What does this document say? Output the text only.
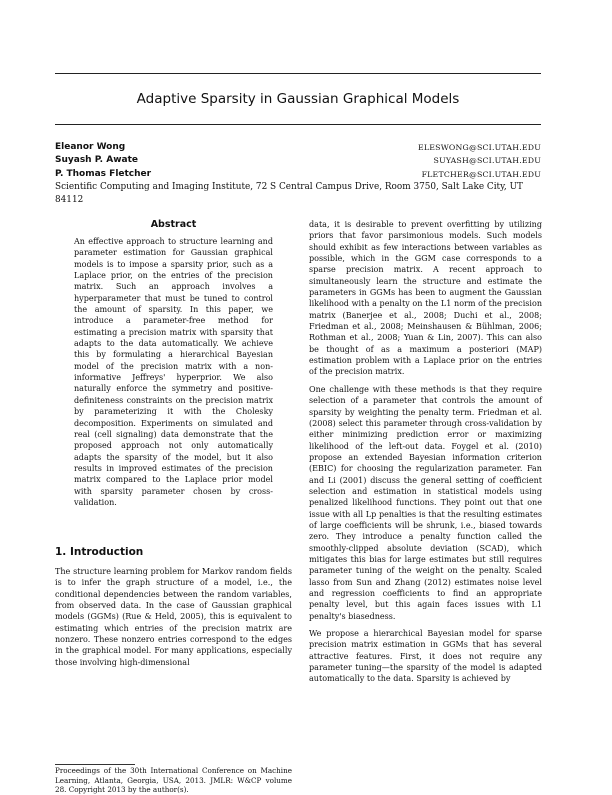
Adaptive Sparsity in Gaussian Graphical Models
Eleanor Wong	ELESWONG@SCI.UTAH.EDU
Suyash P. Awate	SUYASH@SCI.UTAH.EDU
P. Thomas Fletcher	FLETCHER@SCI.UTAH.EDU
Scientific Computing and Imaging Institute, 72 S Central Campus Drive, Room 3750, Salt Lake City, UT 84112
Abstract
An effective approach to structure learning and parameter estimation for Gaussian graphical models is to impose a sparsity prior, such as a Laplace prior, on the entries of the precision matrix. Such an approach involves a hyperparameter that must be tuned to control the amount of sparsity. In this paper, we introduce a parameter-free method for estimating a precision matrix with sparsity that adapts to the data automatically. We achieve this by formulating a hierarchical Bayesian model of the precision matrix with a non-informative Jeffreys' hyperprior. We also naturally enforce the symmetry and positive-definiteness constraints on the precision matrix by parameterizing it with the Cholesky decomposition. Experiments on simulated and real (cell signaling) data demonstrate that the proposed approach not only automatically adapts the sparsity of the model, but it also results in improved estimates of the precision matrix compared to the Laplace prior model with sparsity parameter chosen by cross-validation.
1. Introduction
The structure learning problem for Markov random fields is to infer the graph structure of a model, i.e., the conditional dependencies between the random variables, from observed data. In the case of Gaussian graphical models (GGMs) (Rue & Held, 2005), this is equivalent to estimating which entries of the precision matrix are nonzero. These nonzero entries correspond to the edges in the graphical model. For many applications, especially those involving high-dimensional
Proceedings of the 30th International Conference on Machine Learning, Atlanta, Georgia, USA, 2013. JMLR: W&CP volume 28. Copyright 2013 by the author(s).

data, it is desirable to prevent overfitting by utilizing priors that favor parsimonious models. Such models should exhibit as few interactions between variables as possible, which in the GGM case corresponds to a sparse precision matrix. A recent approach to simultaneously learn the structure and estimate the parameters in GGMs has been to augment the Gaussian likelihood with a penalty on the L1 norm of the precision matrix (Banerjee et al., 2008; Duchi et al., 2008; Friedman et al., 2008; Meinshausen & Bühlman, 2006; Rothman et al., 2008; Yuan & Lin, 2007). This can also be thought of as a maximum a posteriori (MAP) estimation problem with a Laplace prior on the entries of the precision matrix.

One challenge with these methods is that they require selection of a parameter that controls the amount of sparsity by weighting the penalty term. Friedman et al. (2008) select this parameter through cross-validation by either minimizing prediction error or maximizing likelihood of the left-out data. Foygel et al. (2010) propose an extended Bayesian information criterion (EBIC) for choosing the regularization parameter. Fan and Li (2001) discuss the general setting of coefficient selection and estimation in statistical models using penalized likelihood functions. They point out that one issue with all Lp penalties is that the resulting estimates of large coefficients will be shrunk, i.e., biased towards zero. They introduce a penalty function called the smoothly-clipped absolute deviation (SCAD), which mitigates this bias for large estimates but still requires parameter tuning of the weight on the penalty. Scaled lasso from Sun and Zhang (2012) estimates noise level and regression coefficients to find an appropriate penalty level, but this again faces issues with L1 penalty's biasedness.

We propose a hierarchical Bayesian model for sparse precision matrix estimation in GGMs that has several attractive features. First, it does not require any parameter tuning—the sparsity of the model is adapted automatically to the data. Sparsity is achieved by
